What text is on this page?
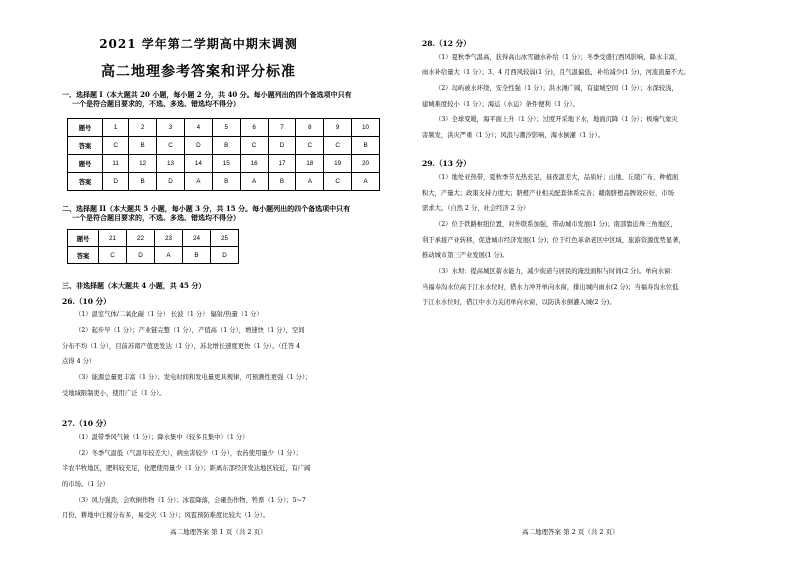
2021 学年第二学期高中期末调测
高二地理参考答案和评分标准
一、选择题 I（本大题共 20 小题，每小题 2 分，共 40 分。每小题列出的四个备选项中只有
一个是符合题目要求的，不选、多选、错选均不得分）
题号	1	2	3	4	5	6	7	8	9	10
答案	C	B	C	D	B	C	D	C	C	B
题号	11	12	13	14	15	16	17	18	19	20
答案	D	B	D	A	B	A	B	A	C	A
二、选择题 II（本大题共 5 小题，每小题 3 分，共 15 分。每小题列出的四个备选项中只有
一个是符合题目要求的，不选、多选、错选均不得分）
题号	21	22	23	24	25
答案	C	D	A	B	D
三、非选择题（本大题共 4 小题，共 45 分）
26.（10 分）
（1）温室气体/二氧化碳（1 分） 长波（1 分） 辐射/热量（1 分）
（2）起步早（1 分）；产业链完整（1 分），产值高（1 分），增速快（1 分），空间
分布不均（1 分），目前苏南产值更发达（1 分），苏北增长速度更快（1 分）。（任答 4
点得 4 分）
（3）能源总量更丰富（1 分）；发电时间和发电量更具规律，可预测性更强（1 分）；
受地域限制更小，使用广泛（1 分）。
27.（10 分）
（1）温带季风气候（1 分）；降水集中（较多且集中）（1 分）
（2）冬季气温低（气温年较差大），病虫害较少（1 分），农药使用量少（1 分）；
半农半牧地区，肥料较充足，化肥使用量少（1 分）；距离东部经济发达地区较近，有广阔
的市场。（1 分）
（3）风力强劲，会吹倒作物（1 分）；冰雹降落，会砸伤作物、牲畜（1 分）；5~7
月份，耕地中庄稼分布多，易受灾（1 分）；风雹预防难度比较大（1 分）。
高二地理答案 第 1 页（共 2 页）
28.（12 分）
（1）夏秋季气温高，获得高山冰雪融水补给（1 分）；冬季受盛行西风影响，降水丰富，
雨水补给量大（1 分）；3、4 月西风较弱(1 分)，且气温偏低，补给减少(1 分)，河流流量不大。
（2）岛屿被水环绕，安全性强（1 分）；洪水滩广阔，有建城空间（1 分）；水深较浅，
建城难度较小（1 分）；海运（水运）条件便利（1 分）。
（3）全球变暖，海平面上升（1 分）；过度开采地下水，地面沉降（1 分）；极端气象灾
害频发，洪灾严重（1 分）；风浪与潮汐影响，海水倒灌（1 分）。
29.（13 分）
（1）地处亚热带，夏秋季节光热充足，昼夜温差大，品质好；山地、丘陵广布，种植面
积大，产量大；政策支持力度大；脐橙产业相关配套体系完善；赣南脐橙品牌效应好，市场
需求大。（自然 2 分，社会经济 2 分）
（2）位于铁路枢纽位置，对外联系加强，带动城市发展(1 分)；南部靠近珠三角地区，
利于承接产业转移，促进城市经济发展(1 分)；位于红色革命老区中区域，旅游资源优势显著，
推动城市第三产业发展(1 分)。
（3）水坝：提高城区蓄水能力，减少街道与居民的淹没面积与时间(2 分)。单向水窗：
当福寿沟水位高于江水水位时，借水力冲开单向水窗，排出城内雨水(2 分)；当福寿沟水位低
于江水水位时，借江中水力关闭单向水窗，以防洪水倒灌入城(2 分)。
高二地理答案 第 2 页（共 2 页）
